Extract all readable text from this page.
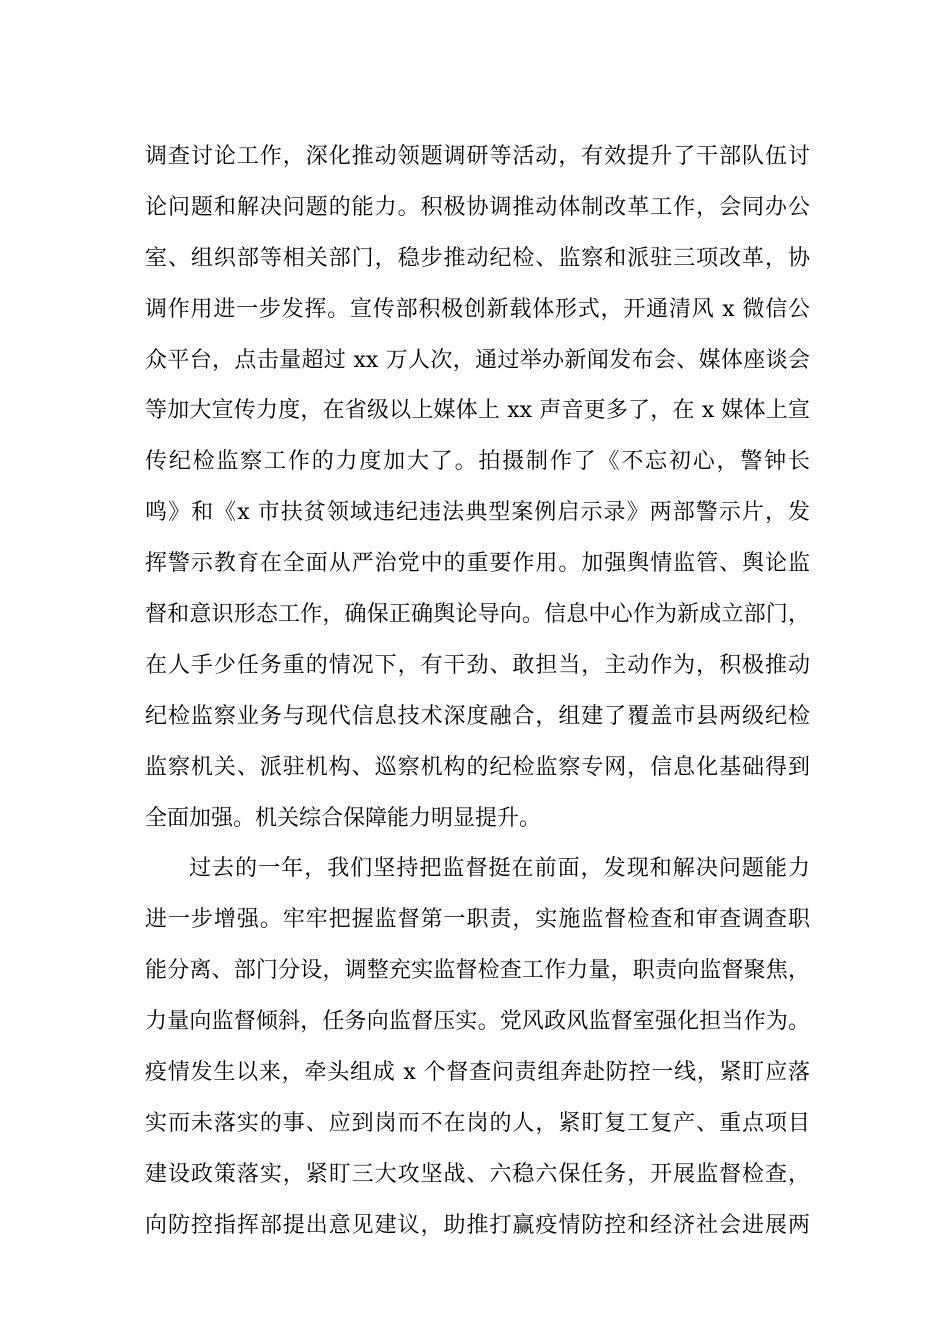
调查讨论工作，深化推动领题调研等活动，有效提升了干部队伍讨
论问题和解决问题的能力。积极协调推动体制改革工作，会同办公
室、组织部等相关部门，稳步推动纪检、监察和派驻三项改革，协
调作用进一步发挥。宣传部积极创新载体形式，开通清风 x 微信公
众平台，点击量超过 xx 万人次，通过举办新闻发布会、媒体座谈会
等加大宣传力度，在省级以上媒体上 xx 声音更多了，在 x 媒体上宣
传纪检监察工作的力度加大了。拍摄制作了《不忘初心，警钟长
鸣》和《x 市扶贫领域违纪违法典型案例启示录》两部警示片，发
挥警示教育在全面从严治党中的重要作用。加强舆情监管、舆论监
督和意识形态工作，确保正确舆论导向。信息中心作为新成立部门，
在人手少任务重的情况下，有干劲、敢担当，主动作为，积极推动
纪检监察业务与现代信息技术深度融合，组建了覆盖市县两级纪检
监察机关、派驻机构、巡察机构的纪检监察专网，信息化基础得到
全面加强。机关综合保障能力明显提升。
过去的一年，我们坚持把监督挺在前面，发现和解决问题能力
进一步增强。牢牢把握监督第一职责，实施监督检查和审查调查职
能分离、部门分设，调整充实监督检查工作力量，职责向监督聚焦，
力量向监督倾斜，任务向监督压实。党风政风监督室强化担当作为。
疫情发生以来，牵头组成 x 个督查问责组奔赴防控一线，紧盯应落
实而未落实的事、应到岗而不在岗的人，紧盯复工复产、重点项目
建设政策落实，紧盯三大攻坚战、六稳六保任务，开展监督检查，
向防控指挥部提出意见建议，助推打赢疫情防控和经济社会进展两
